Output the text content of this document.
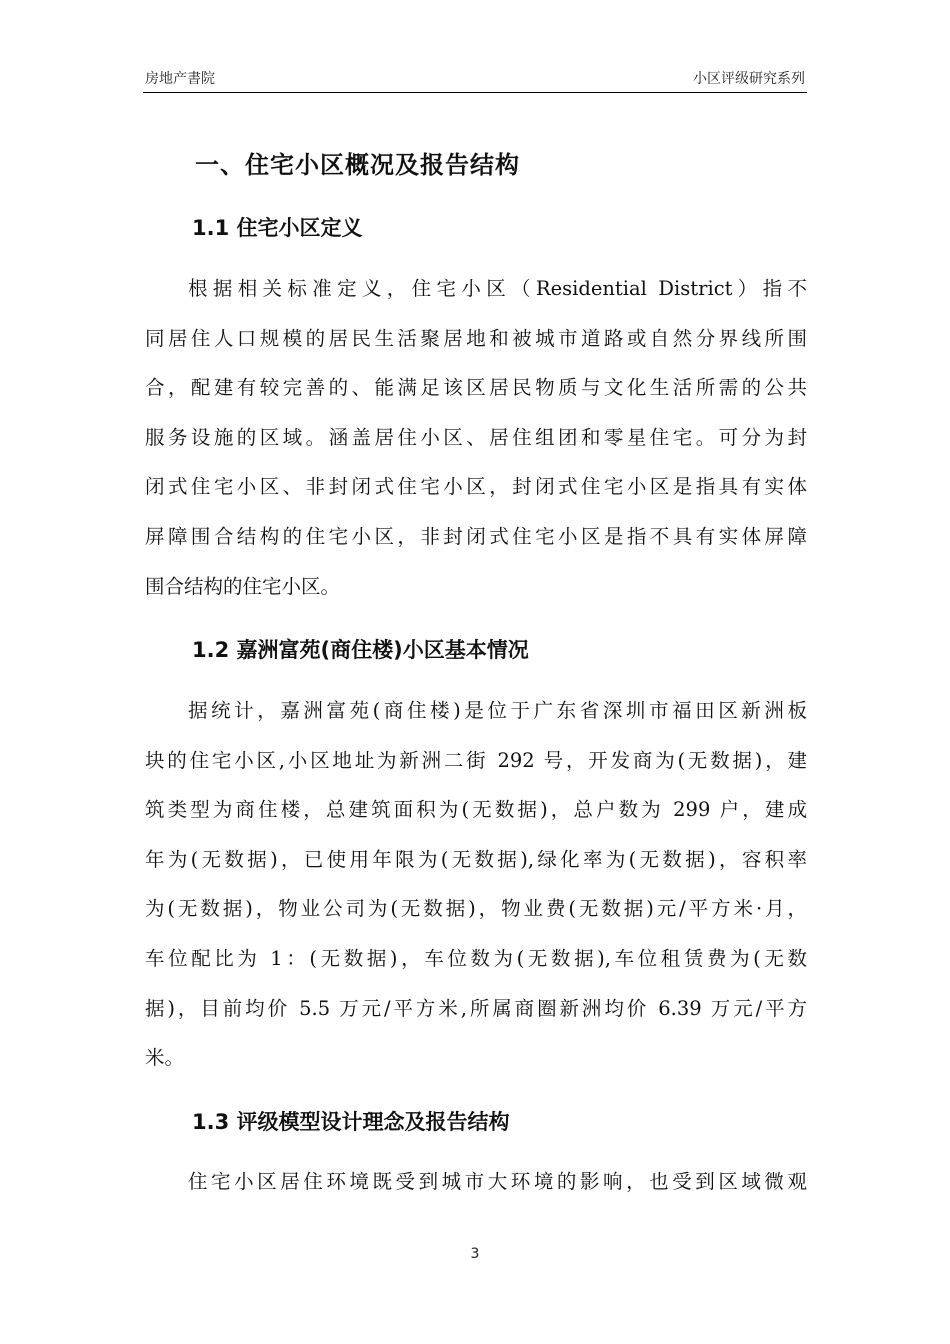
房地产書院	小区评级研究系列
一、住宅小区概况及报告结构
1.1 住宅小区定义
根据相关标准定义，住宅小区（Residential District）指不
同居住人口规模的居民生活聚居地和被城市道路或自然分界线所围
合，配建有较完善的、能满足该区居民物质与文化生活所需的公共
服务设施的区域。涵盖居住小区、居住组团和零星住宅。可分为封
闭式住宅小区、非封闭式住宅小区，封闭式住宅小区是指具有实体
屏障围合结构的住宅小区，非封闭式住宅小区是指不具有实体屏障
围合结构的住宅小区。
1.2 嘉洲富苑(商住楼)小区基本情况
据统计，嘉洲富苑(商住楼)是位于广东省深圳市福田区新洲板
块的住宅小区,小区地址为新洲二街 292 号，开发商为(无数据)，建
筑类型为商住楼，总建筑面积为(无数据)，总户数为 299 户，建成
年为(无数据)，已使用年限为(无数据),绿化率为(无数据)，容积率
为(无数据)，物业公司为(无数据)，物业费(无数据)元/平方米·月，
车位配比为 1：(无数据)，车位数为(无数据),车位租赁费为(无数
据)，目前均价 5.5 万元/平方米,所属商圈新洲均价 6.39 万元/平方
米。
1.3 评级模型设计理念及报告结构
住宅小区居住环境既受到城市大环境的影响，也受到区域微观
3
